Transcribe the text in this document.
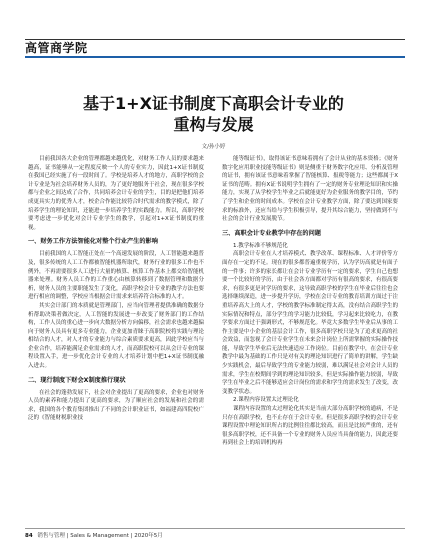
高管商学院
基于1+X证书制度下高职会计专业的
重构与发展
文/孙小婷

目前我国各大企业的管理都越来越优化，对财务工作人员的要求越来越高，证书能够从一定程度反映一个人的专业实力，因此1+X证书制度在我国已经实施了有一段时间了。学校是培养人才的地方，高职学校的会计专业是为社会培养财务人员的，为了更好地服务于社会，现在很多学校都与企业之间达成了合作，共同培养会计专业的学生，目的是把他们培养成更具实力的优秀人才，校企合作能比较符合时代需求的教学模式，除了培养学生的理论知识，还能进一步培养学生的实践能力。所以，高职学校要考虑进一步优化对会计专业学生的教学，引起对1+X证书制度的重视。

一、财务工作方法智能化对整个行业产生的影响

目前我国的人工智能正处在一个高速发展的阶段，人工智能越来越普及，很多传统的人工工作都被智能机器所取代，财务行业的很多工作也不例外，不再需要很多人工进行大量的核算、核算工作基本上都交给智能机器来处理。财务人员工作的工作重心由核算转移到了数据管理和数据分析，财务人员的主要职能发生了变化，高职学校会计专业的教学方法也要进行相应的调整，学校应当根据会计需求来培养符合标准的人才。

其实会计部门的本质就是管理部门，应当向管理者提供准确的数据分析帮助决策者做决定，人工智能的发展进一步改变了财务部门的工作结构，工作人员的重心进一步向大数据分析方向偏移，社会需求也越来越偏向于财务人员具有更多专业能力，企业更加青睐于高职院校将实践与理论相结合的人才，对人才的专业能力与综合素质要求更高，因此学校应当与企业合作，培养能满足企业需求的人才，而高职院校可以从会计专业的课程设置入手，进一步优化会计专业的人才培养计划中把1+X证书制度融入进去。

二、现行制度下财会X制度推行现状

在社会的蓬勃发展下，社会对企业提出了更高的要求，企业也对财务人员的素养和能力提出了更高的要求，为了顺应社会的发展和社会的需求，我国的各个教育集团推出了不同的会计职业证书，如福建高四院校广泛的《智能财税职业技

能等级证书》，取得该证书意味着拥有了会计从业的基本资格；《财务数字化应用职业技能等级证书》则是侧重于财务数字化应用、分析及管理的证书，拥有该证书意味着掌握了智能核算、报税等能力；这些都属于X证书的范畴。拥有X证书说明学生拥有了一定的财务专业理论知识和实操能力，实现了从学校学生毕业之后就能更好为企业服务的教学目的，节约了学生和企业的时间成本。学校在会计专业教学方面，除了要达到国家要求的标准外，还应当给与学生积极引导，提升其综合能力，坚持做到不与社会的会计行业发展脱节。

三、高职会计专业教学中存在的问题

1.教学标准不够规范化

高职会计专业在人才培养模式、教学改革、课程标准、人才评价等方面存在一定的不足。现在的很多都普遍重视学历，认为学历高就是有面子的一件事；许多的家长都让在会计专业学历有一定的要求，学生自己也想要一个比较好的学历，由于社会各方面都对学历有很高的要求，有很高要求，有很多更是对学历的要求，这导致高职学校的学生在毕业后往往也会选择继续深造，进一步提升学历，学校在会计专业的教育培训方面过于注重培养高大上的人才，学校的教学标准制定得太高，没有结合高职学生的实际情况和特点，部分学生的学习能力比较低，学习起来比较吃力，在教学要求方面过于强调形式，不够规范化。毕竟大多数学生毕业后从事的工作主要是中小企业的基层会计工作，很多高职学校只是为了追求更高的社会效益，而忽视了会计专业学生在未来会计岗位上所需掌握的实际操作技能，导致学生毕业后无法快速适应工作岗位。目前在教学中，在会计专业教学中最为基础的工作只是对有关的理论知识进行了简单的讲解，学生缺少实践机会，最后导致学生的专业能力较弱，难以满足社会对会计人员的需求，学生在校期间学到的理论知识较多，但是实际操作能力较弱，导致学生在毕业之后不能够适应会计岗位的需求和学生的需求发生了改变，改变教学状态。

2.课程内容设置太过理论化

课程内容设置的太过理论化其实是当前大部分高职学校的通病，不是只存在高职学校，也不止存在于会计专业。但是很多高职学校的会计专业课程设置中理论知识所占的比例往往都比较高，而且是比较严重的，还有很多高职学校，还不具备一个专业的财务人员应当具备的能力，因此还要再到社会上的培训机构再

84 销售与管理 | Sales & Management | 2020年5月
